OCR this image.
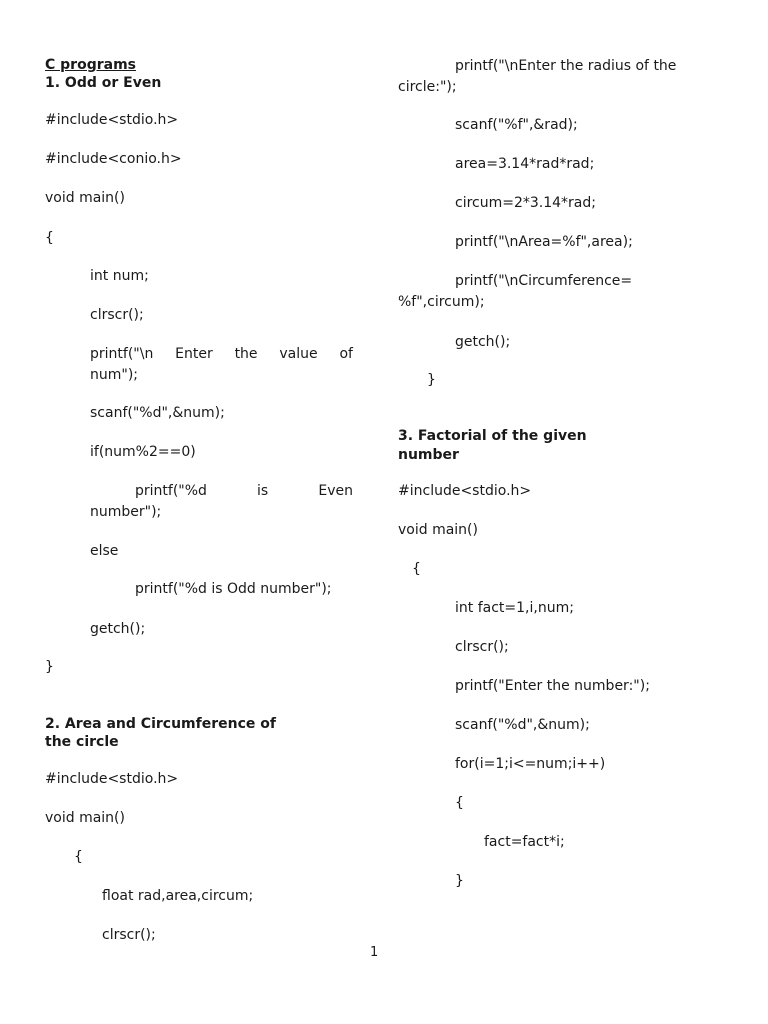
C programs
1. Odd or Even
#include<stdio.h>
#include<conio.h>
void main()
{
int num;
clrscr();
printf("\n Enter the value of
num");
scanf("%d",&num);
if(num%2==0)
printf("%d	is	Even
number");
else
printf("%d is Odd number");
getch();
}
2. Area and Circumference of
the circle
#include<stdio.h>
void main()
{
float rad,area,circum;
clrscr();
printf("\nEnter the radius of the
circle:");
scanf("%f",&rad);
area=3.14*rad*rad;
circum=2*3.14*rad;
printf("\nArea=%f",area);
printf("\nCircumference=
%f",circum);
getch();
}
3. Factorial of the given
number
#include<stdio.h>
void main()
{
int fact=1,i,num;
clrscr();
printf("Enter the number:");
scanf("%d",&num);
for(i=1;i<=num;i++)
{
fact=fact*i;
}
1
